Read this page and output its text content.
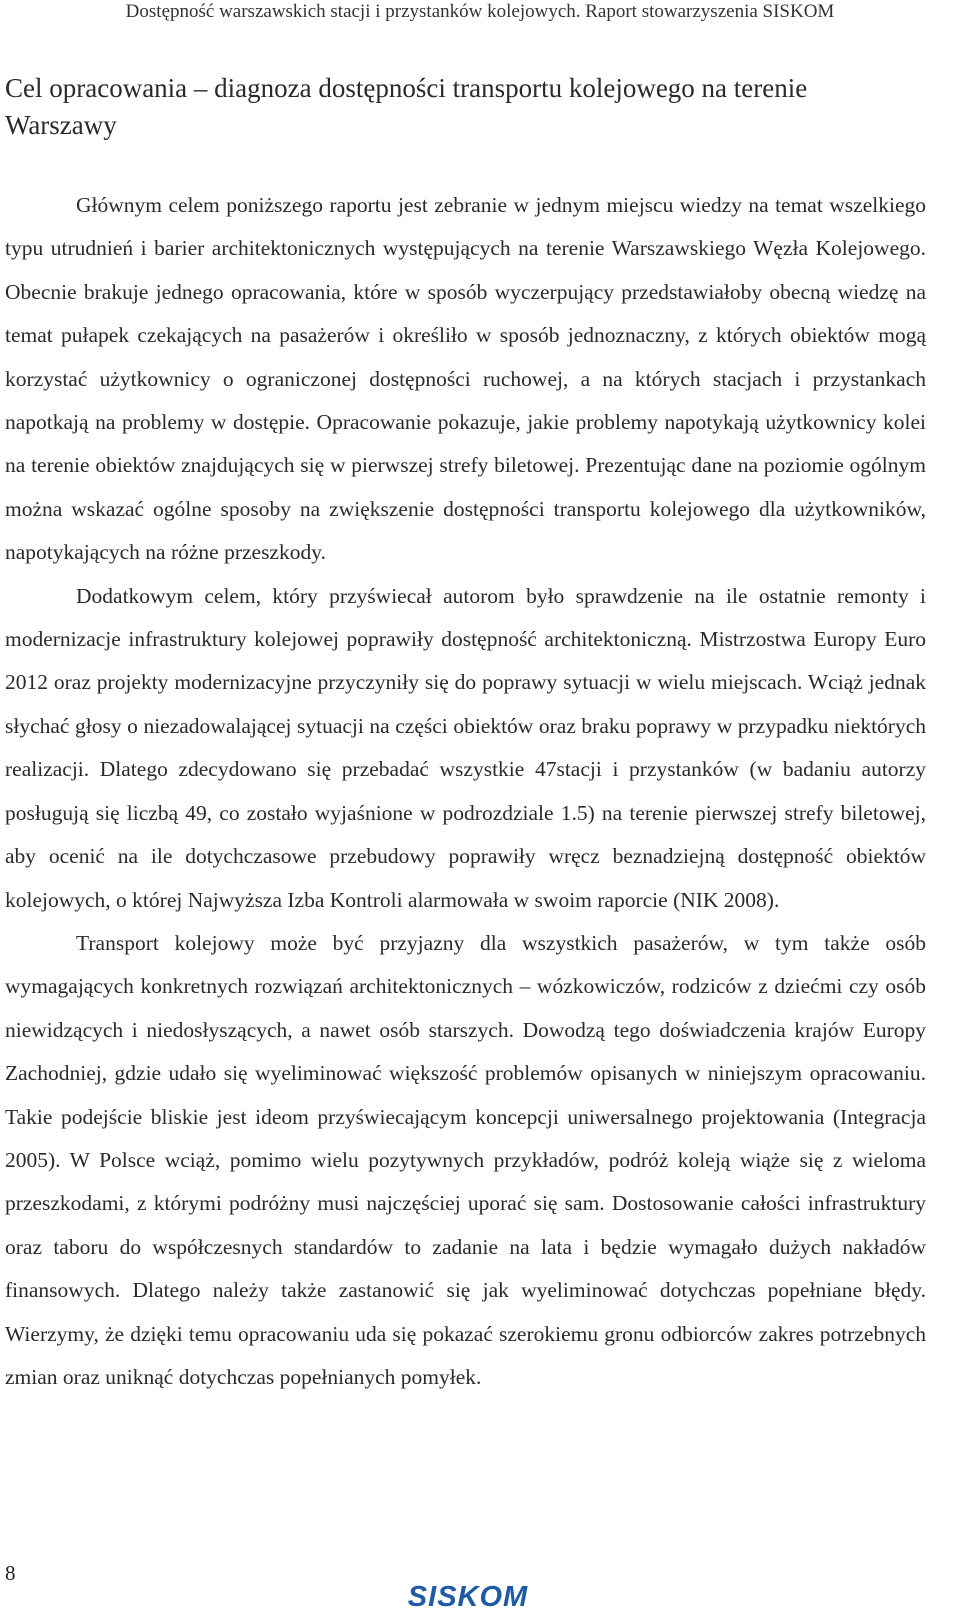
Dostępność warszawskich stacji i przystanków kolejowych. Raport stowarzyszenia SISKOM
Cel opracowania – diagnoza dostępności transportu kolejowego na terenie Warszawy

Głównym celem poniższego raportu jest zebranie w jednym miejscu wiedzy na temat wszelkiego typu utrudnień i barier architektonicznych występujących na terenie Warszawskiego Węzła Kolejowego. Obecnie brakuje jednego opracowania, które w sposób wyczerpujący przedstawiałoby obecną wiedzę na temat pułapek czekających na pasażerów i określiło w sposób jednoznaczny, z których obiektów mogą korzystać użytkownicy o ograniczonej dostępności ruchowej, a na których stacjach i przystankach napotkają na problemy w dostępie. Opracowanie pokazuje, jakie problemy napotykają użytkownicy kolei na terenie obiektów znajdujących się w pierwszej strefy biletowej. Prezentując dane na poziomie ogólnym można wskazać ogólne sposoby na zwiększenie dostępności transportu kolejowego dla użytkowników, napotykających na różne przeszkody.

Dodatkowym celem, który przyświecał autorom było sprawdzenie na ile ostatnie remonty i modernizacje infrastruktury kolejowej poprawiły dostępność architektoniczną. Mistrzostwa Europy Euro 2012 oraz projekty modernizacyjne przyczyniły się do poprawy sytuacji w wielu miejscach. Wciąż jednak słychać głosy o niezadowalającej sytuacji na części obiektów oraz braku poprawy w przypadku niektórych realizacji. Dlatego zdecydowano się przebadać wszystkie 47stacji i przystanków (w badaniu autorzy posługują się liczbą 49, co zostało wyjaśnione w podrozdziale 1.5) na terenie pierwszej strefy biletowej, aby ocenić na ile dotychczasowe przebudowy poprawiły wręcz beznadziejną dostępność obiektów kolejowych, o której Najwyższa Izba Kontroli alarmowała w swoim raporcie (NIK 2008).

Transport kolejowy może być przyjazny dla wszystkich pasażerów, w tym także osób wymagających konkretnych rozwiązań architektonicznych – wózkowiczów, rodziców z dziećmi czy osób niewidzących i niedosłyszących, a nawet osób starszych. Dowodzą tego doświadczenia krajów Europy Zachodniej, gdzie udało się wyeliminować większość problemów opisanych w niniejszym opracowaniu. Takie podejście bliskie jest ideom przyświecającym koncepcji uniwersalnego projektowania (Integracja 2005). W Polsce wciąż, pomimo wielu pozytywnych przykładów, podróż koleją wiąże się z wieloma przeszkodami, z którymi podróżny musi najczęściej uporać się sam. Dostosowanie całości infrastruktury oraz taboru do współczesnych standardów to zadanie na lata i będzie wymagało dużych nakładów finansowych. Dlatego należy także zastanowić się jak wyeliminować dotychczas popełniane błędy. Wierzymy, że dzięki temu opracowaniu uda się pokazać szerokiemu gronu odbiorców zakres potrzebnych zmian oraz uniknąć dotychczas popełnianych pomyłek.

8
SISKOM
